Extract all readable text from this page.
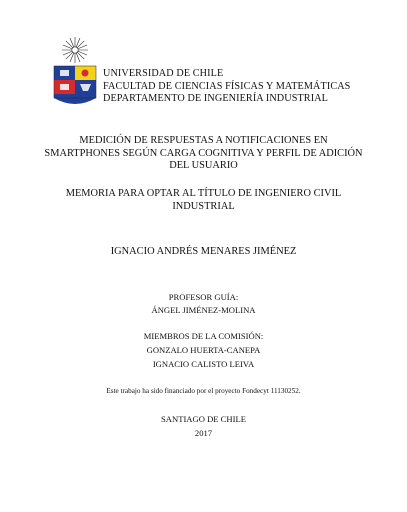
UNIVERSIDAD DE CHILE
FACULTAD DE CIENCIAS FÍSICAS Y MATEMÁTICAS
DEPARTAMENTO DE INGENIERÍA INDUSTRIAL
MEDICIÓN DE RESPUESTAS A NOTIFICACIONES EN
SMARTPHONES SEGÚN CARGA COGNITIVA Y PERFIL DE ADICIÓN
DEL USUARIO
MEMORIA PARA OPTAR AL TÍTULO DE INGENIERO CIVIL
INDUSTRIAL
IGNACIO ANDRÉS MENARES JIMÉNEZ
PROFESOR GUÍA:
ÁNGEL JIMÉNEZ-MOLINA
MIEMBROS DE LA COMISIÓN:
GONZALO HUERTA-CANEPA
IGNACIO CALISTO LEIVA
Este trabajo ha sido financiado por el proyecto Fondecyt 11130252.
SANTIAGO DE CHILE
2017
